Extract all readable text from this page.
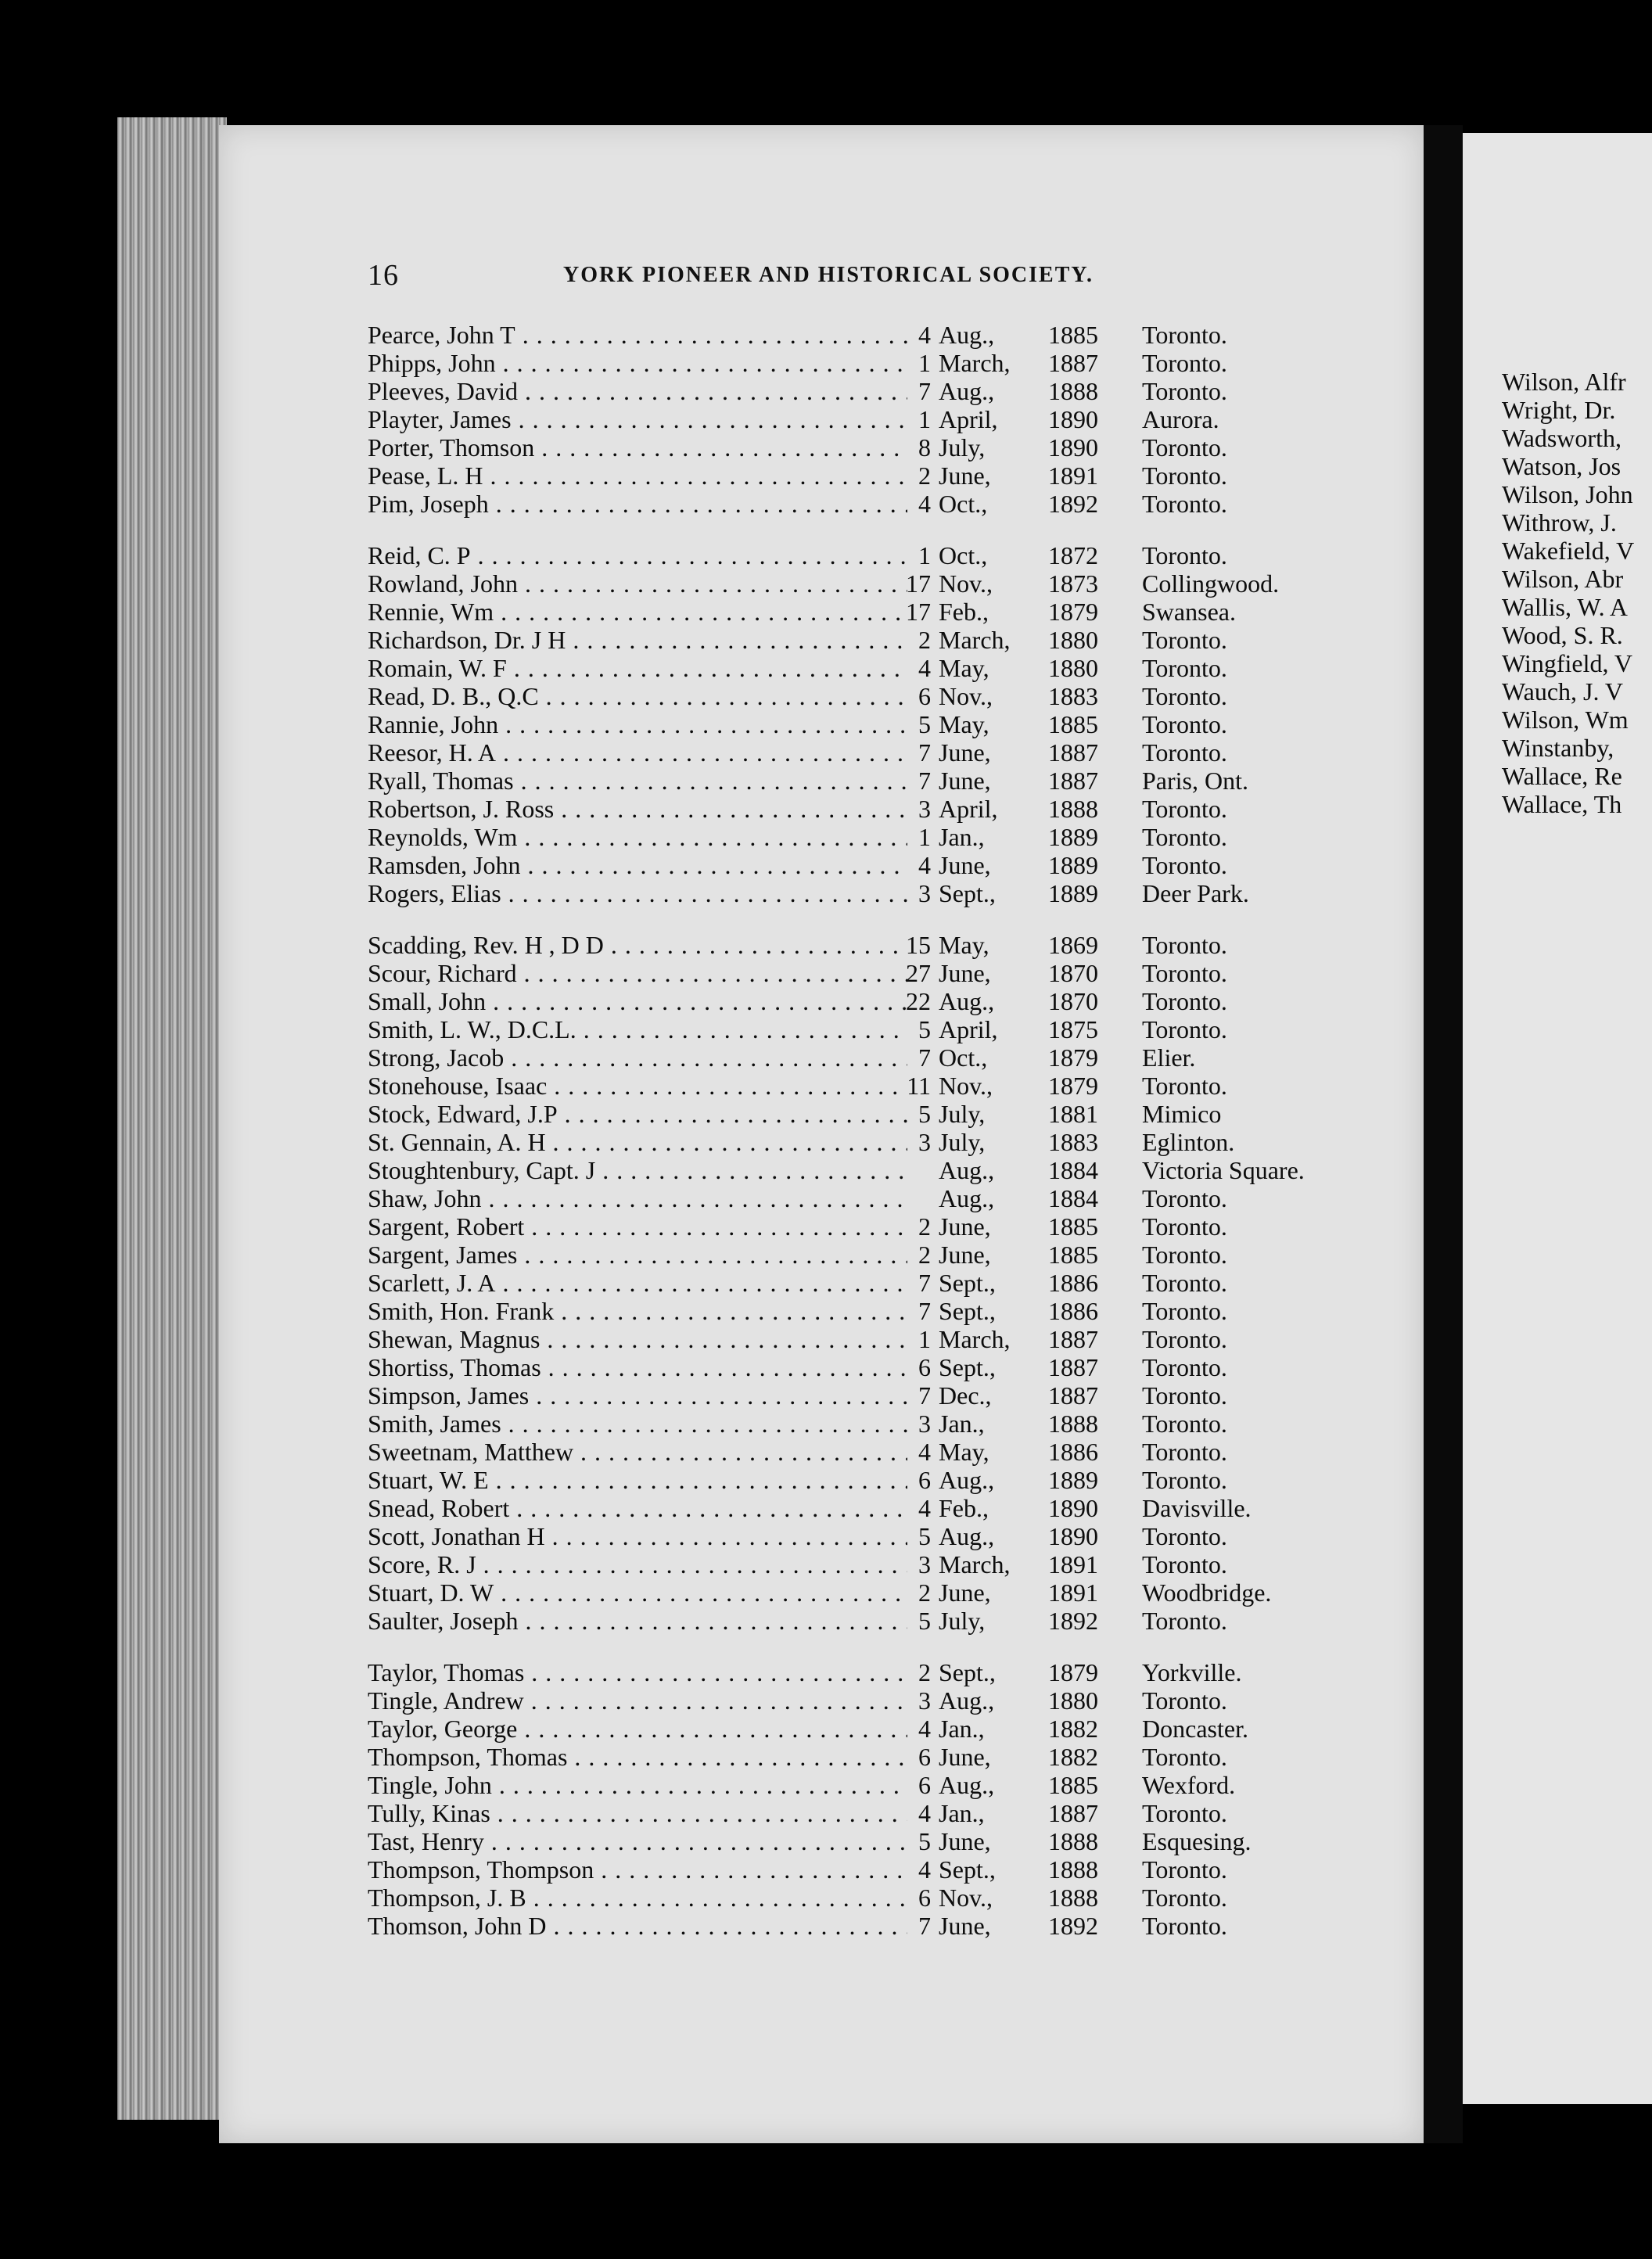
16	YORK PIONEER AND HISTORICAL SOCIETY.
Pearce, John T . . .	4 Aug.,	1885	Toronto.
Phipps, John . . .	1 March,	1887	Toronto.
Pleeves, David . . .	7 Aug.,	1888	Toronto.
Playter, James . . .	1 April,	1890	Aurora.
Porter, Thomson . . .	8 July,	1890	Toronto.
Pease, L. H . . .	2 June,	1891	Toronto.
Pim, Joseph . . .	4 Oct.,	1892	Toronto.
Reid, C. P . . .	1 Oct.,	1872	Toronto.
Rowland, John . . .	17 Nov.,	1873	Collingwood.
Rennie, Wm . . .	17 Feb.,	1879	Swansea.
Richardson, Dr. J H . . .	2 March,	1880	Toronto.
Romain, W. F . . .	4 May,	1880	Toronto.
Read, D. B., Q.C . . .	6 Nov.,	1883	Toronto.
Rannie, John . . .	5 May,	1885	Toronto.
Reesor, H. A . . .	7 June,	1887	Toronto.
Ryall, Thomas . . .	7 June,	1887	Paris, Ont.
Robertson, J. Ross . . .	3 April,	1888	Toronto.
Reynolds, Wm . . .	1 Jan.,	1889	Toronto.
Ramsden, John . . .	4 June,	1889	Toronto.
Rogers, Elias . . .	3 Sept.,	1889	Deer Park.
Scadding, Rev. H , D D . . .	15 May,	1869	Toronto.
Scour, Richard . . .	27 June,	1870	Toronto.
Small, John . . .	22 Aug.,	1870	Toronto.
Smith, L. W., D.C.L. . . .	5 April,	1875	Toronto.
Strong, Jacob . . .	7 Oct.,	1879	Elier.
Stonehouse, Isaac . . .	11 Nov.,	1879	Toronto.
Stock, Edward, J.P . . .	5 July,	1881	Mimico
St. Gennain, A. H . . .	3 July,	1883	Eglinton.
Stoughtenbury, Capt. J . . .	Aug.,	1884	Victoria Square.
Shaw, John . . .	Aug.,	1884	Toronto.
Sargent, Robert . . .	2 June,	1885	Toronto.
Sargent, James . . .	2 June,	1885	Toronto.
Scarlett, J. A . . .	7 Sept.,	1886	Toronto.
Smith, Hon. Frank . . .	7 Sept.,	1886	Toronto.
Shewan, Magnus . . .	1 March,	1887	Toronto.
Shortiss, Thomas . . .	6 Sept.,	1887	Toronto.
Simpson, James . . .	7 Dec.,	1887	Toronto.
Smith, James . . .	3 Jan.,	1888	Toronto.
Sweetnam, Matthew . . .	4 May,	1886	Toronto.
Stuart, W. E . . .	6 Aug.,	1889	Toronto.
Snead, Robert . . .	4 Feb.,	1890	Davisville.
Scott, Jonathan H . . .	5 Aug.,	1890	Toronto.
Score, R. J . . .	3 March,	1891	Toronto.
Stuart, D. W . . .	2 June,	1891	Woodbridge.
Saulter, Joseph . . .	5 July,	1892	Toronto.
Taylor, Thomas . . .	2 Sept.,	1879	Yorkville.
Tingle, Andrew . . .	3 Aug.,	1880	Toronto.
Taylor, George . . .	4 Jan.,	1882	Doncaster.
Thompson, Thomas . . .	6 June,	1882	Toronto.
Tingle, John . . .	6 Aug.,	1885	Wexford.
Tully, Kinas . . .	4 Jan.,	1887	Toronto.
Tast, Henry . . .	5 June,	1888	Esquesing.
Thompson, Thompson . . .	4 Sept.,	1888	Toronto.
Thompson, J. B . . .	6 Nov.,	1888	Toronto.
Thomson, John D . . .	7 June,	1892	Toronto.
Wilson, Alfr
Wright, Dr.
Wadsworth,
Watson, Jos
Wilson, John
Withrow, J.
Wakefield, V
Wilson, Abr
Wallis, W. A
Wood, S. R.
Wingfield, V
Wauch, J. V
Wilson, Wm
Winstanby,
Wallace, Re
Wallace, Th
